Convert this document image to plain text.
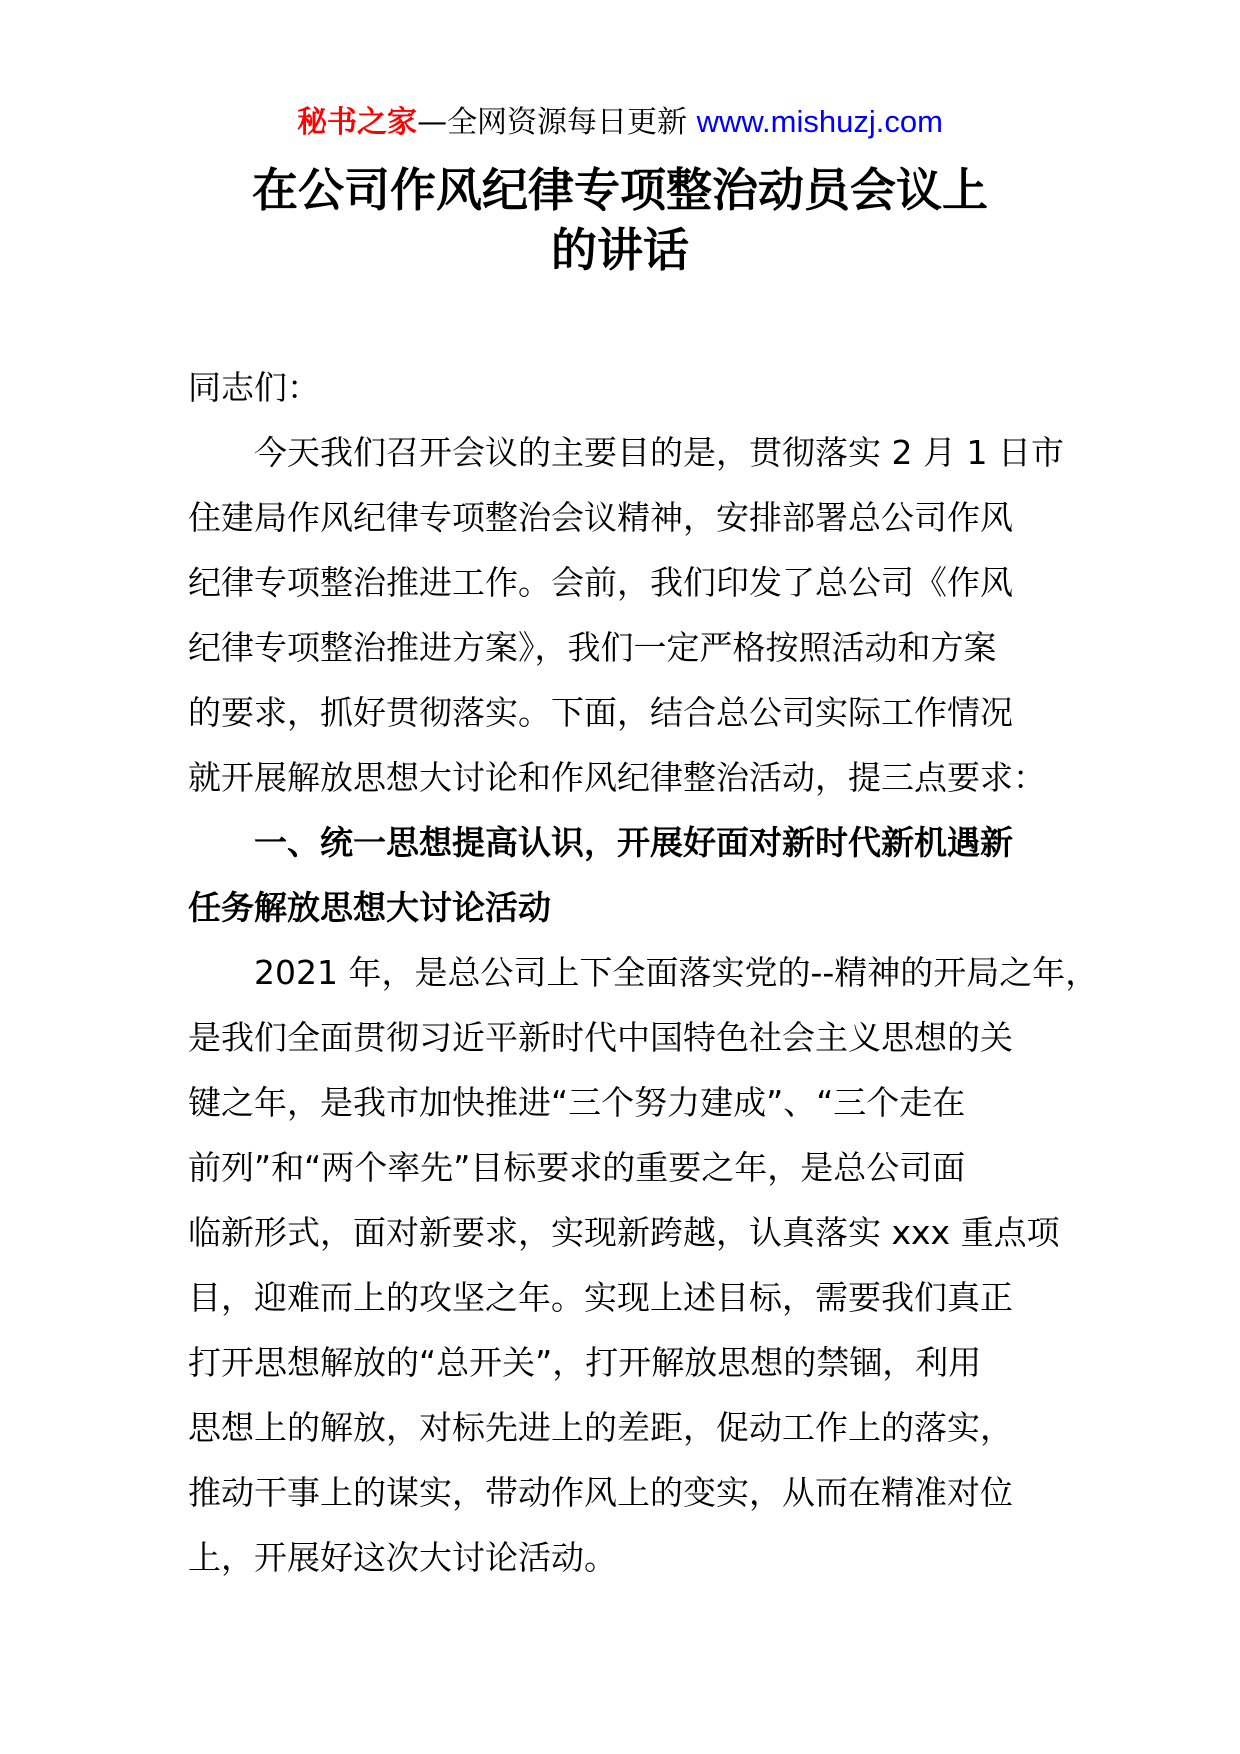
秘书之家—全网资源每日更新 www.mishuzj.com
在公司作风纪律专项整治动员会议上
的讲话

同志们：

今天我们召开会议的主要目的是，贯彻落实 2 月 1 日市
住建局作风纪律专项整治会议精神，安排部署总公司作风
纪律专项整治推进工作。会前，我们印发了总公司《作风
纪律专项整治推进方案》，我们一定严格按照活动和方案
的要求，抓好贯彻落实。下面，结合总公司实际工作情况
就开展解放思想大讨论和作风纪律整治活动，提三点要求：

一、统一思想提高认识，开展好面对新时代新机遇新
任务解放思想大讨论活动

2021 年，是总公司上下全面落实党的--精神的开局之年，
是我们全面贯彻习近平新时代中国特色社会主义思想的关
键之年，是我市加快推进“三个努力建成”、“三个走在
前列”和“两个率先”目标要求的重要之年，是总公司面
临新形式，面对新要求，实现新跨越，认真落实 xxx 重点项
目，迎难而上的攻坚之年。实现上述目标，需要我们真正
打开思想解放的“总开关”，打开解放思想的禁锢，利用
思想上的解放，对标先进上的差距，促动工作上的落实，
推动干事上的谋实，带动作风上的变实，从而在精准对位
上，开展好这次大讨论活动。
